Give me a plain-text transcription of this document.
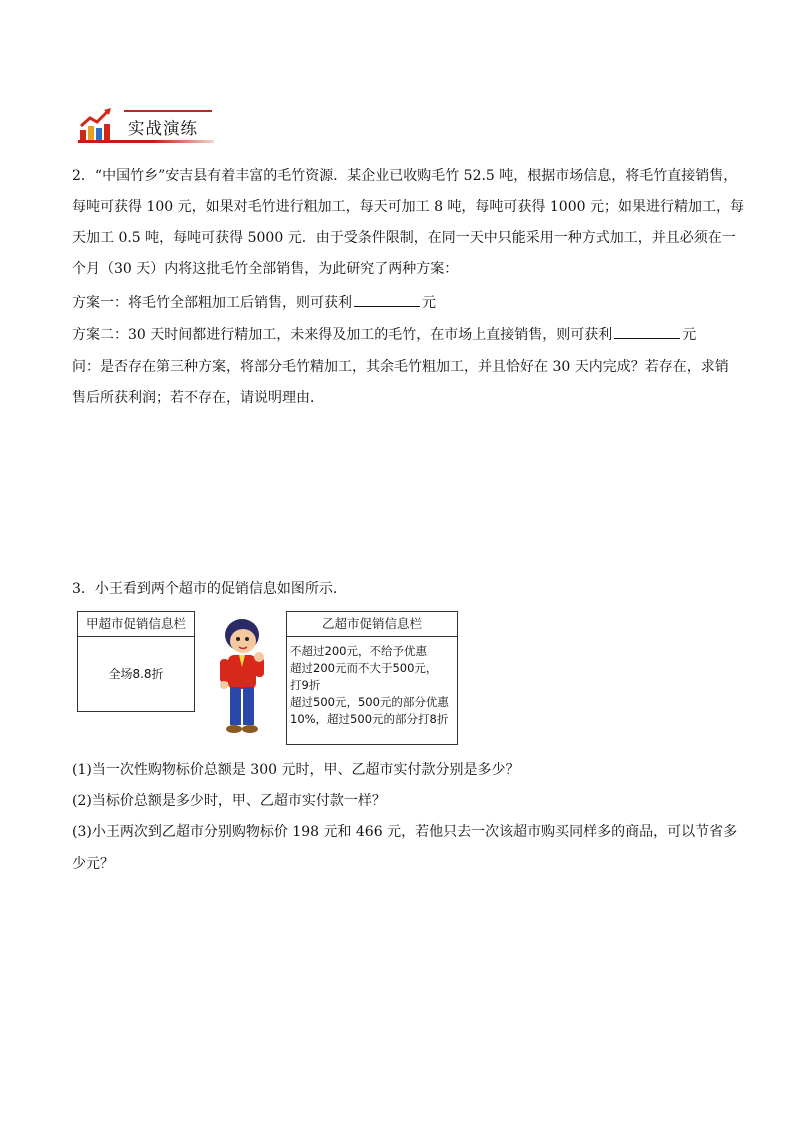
实战演练
2．“中国竹乡”安吉县有着丰富的毛竹资源．某企业已收购毛竹 52.5 吨，根据市场信息，将毛竹直接销售，
每吨可获得 100 元，如果对毛竹进行粗加工，每天可加工 8 吨，每吨可获得 1000 元；如果进行精加工，每
天加工 0.5 吨，每吨可获得 5000 元．由于受条件限制，在同一天中只能采用一种方式加工，并且必须在一
个月（30 天）内将这批毛竹全部销售，为此研究了两种方案：
方案一：将毛竹全部粗加工后销售，则可获利	元
方案二：30 天时间都进行精加工，未来得及加工的毛竹，在市场上直接销售，则可获利	元
问：是否存在第三种方案，将部分毛竹精加工，其余毛竹粗加工，并且恰好在 30 天内完成？若存在，求销
售后所获利润；若不存在，请说明理由．
3．小王看到两个超市的促销信息如图所示．
甲超市促销信息栏
全场8.8折
乙超市促销信息栏
不超过200元，不给予优惠
超过200元而不大于500元，
打9折
超过500元，500元的部分优惠
10%，超过500元的部分打8折
(1)当一次性购物标价总额是 300 元时，甲、乙超市实付款分别是多少？
(2)当标价总额是多少时，甲、乙超市实付款一样？
(3)小王两次到乙超市分别购物标价 198 元和 466 元，若他只去一次该超市购买同样多的商品，可以节省多
少元？
